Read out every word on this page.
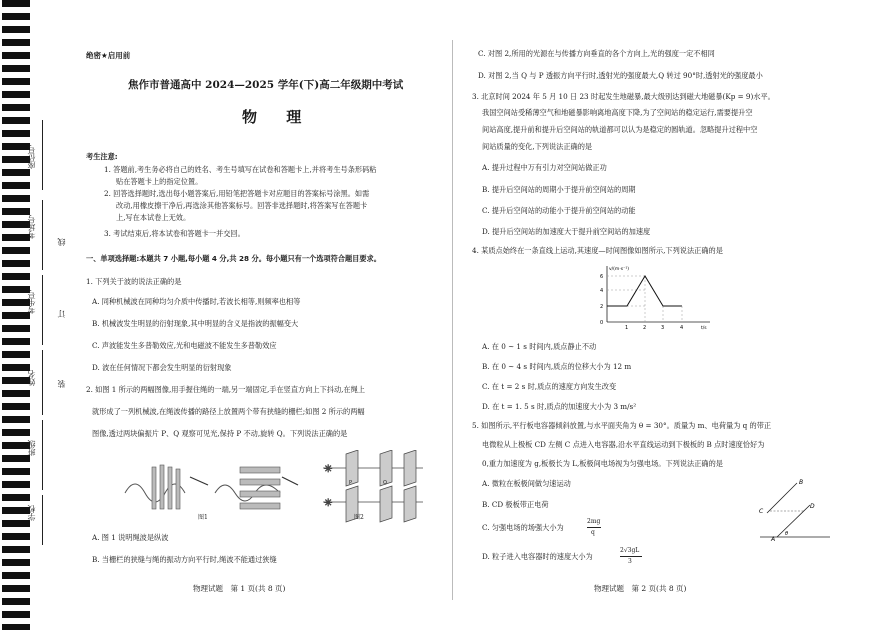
座位号
考场号
考生号
姓名
班级
学校
线
订
装
绝密★启用前
焦作市普通高中 2024—2025 学年(下)高二年级期中考试
物 理
考生注意:
1. 答题前,考生务必将自己的姓名、考生号填写在试卷和答题卡上,并将考生号条形码粘
贴在答题卡上的指定位置。
2. 回答选择题时,选出每小题答案后,用铅笔把答题卡对应题目的答案标号涂黑。如需
改动,用橡皮擦干净后,再选涂其他答案标号。回答非选择题时,将答案写在答题卡
上,写在本试卷上无效。
3. 考试结束后,将本试卷和答题卡一并交回。
一、单项选择题:本题共 7 小题,每小题 4 分,共 28 分。每小题只有一个选项符合题目要求。
1. 下列关于波的说法正确的是
A. 同种机械波在同种均匀介质中传播时,若波长相等,则频率也相等
B. 机械波发生明显的衍射现象,其中明显的含义是指波的振幅变大
C. 声波能发生多普勒效应,光和电磁波不能发生多普勒效应
D. 波在任何情况下都会发生明显的衍射现象
2. 如图 1 所示的两幅图像,用手握住绳的一端,另一端固定,手在竖直方向上下抖动,在绳上
就形成了一列机械波,在绳波传播的路径上放置两个带有狭缝的栅栏;如图 2 所示的两幅
图像,透过两块偏振片 P、Q 观察可见光,保持 P 不动,旋转 Q。下列说法正确的是
图1
✳
✳
P	Q
图2
A. 图 1 说明绳波是纵波
B. 当栅栏的狭缝与绳的振动方向平行时,绳波不能通过狭缝
物理试题　第 1 页(共 8 页)
C. 对图 2,所用的光源在与传播方向垂直的各个方向上,光的强度一定不相同
D. 对图 2,当 Q 与 P 透振方向平行时,透射光的强度最大,Q 转过 90°时,透射光的强度最小
3. 北京时间 2024 年 5 月 10 日 23 时起发生地磁暴,最大级别达到磁大地磁暴(Kp = 9)水平。
我国空间站受稀薄空气和地磁暴影响离地高度下降,为了空间站的稳定运行,需要提升空
间站高度,提升前和提升后空间站的轨道都可以认为是稳定的圆轨道。忽略提升过程中空
间站质量的变化,下列说法正确的是
A. 提升过程中万有引力对空间站做正功
B. 提升后空间站的周期小于提升前空间站的周期
C. 提升后空间站的动能小于提升前空间站的动能
D. 提升后空间站的加速度大于提升前空间站的加速度
4. 某质点始终在一条直线上运动,其速度—时间图像如图所示,下列说法正确的是
v/(m·s⁻¹)
t/s
6
4
2
0
1	2	3	4
A. 在 0 ~ 1 s 时间内,质点静止不动
B. 在 0 ~ 4 s 时间内,质点的位移大小为 12 m
C. 在 t = 2 s 时,质点的速度方向发生改变
D. 在 t = 1. 5 s 时,质点的加速度大小为 3 m/s²
5. 如图所示,平行板电容器倾斜放置,与水平面夹角为 θ = 30°。质量为 m、电荷量为 q 的带正
电微粒从上极板 CD 左侧 C 点进入电容器,沿水平直线运动到下极板的 B 点时速度恰好为
0,重力加速度为 g,板极长为 L,板极间电场视为匀强电场。下列说法正确的是
A. 微粒在板极间做匀速运动
B. CD 极板带正电荷
C. 匀强电场的场强大小为
2mg
q
D. 粒子进入电容器时的速度大小为
2√3gL
3
B
D
C
θ
A
物理试题　第 2 页(共 8 页)
